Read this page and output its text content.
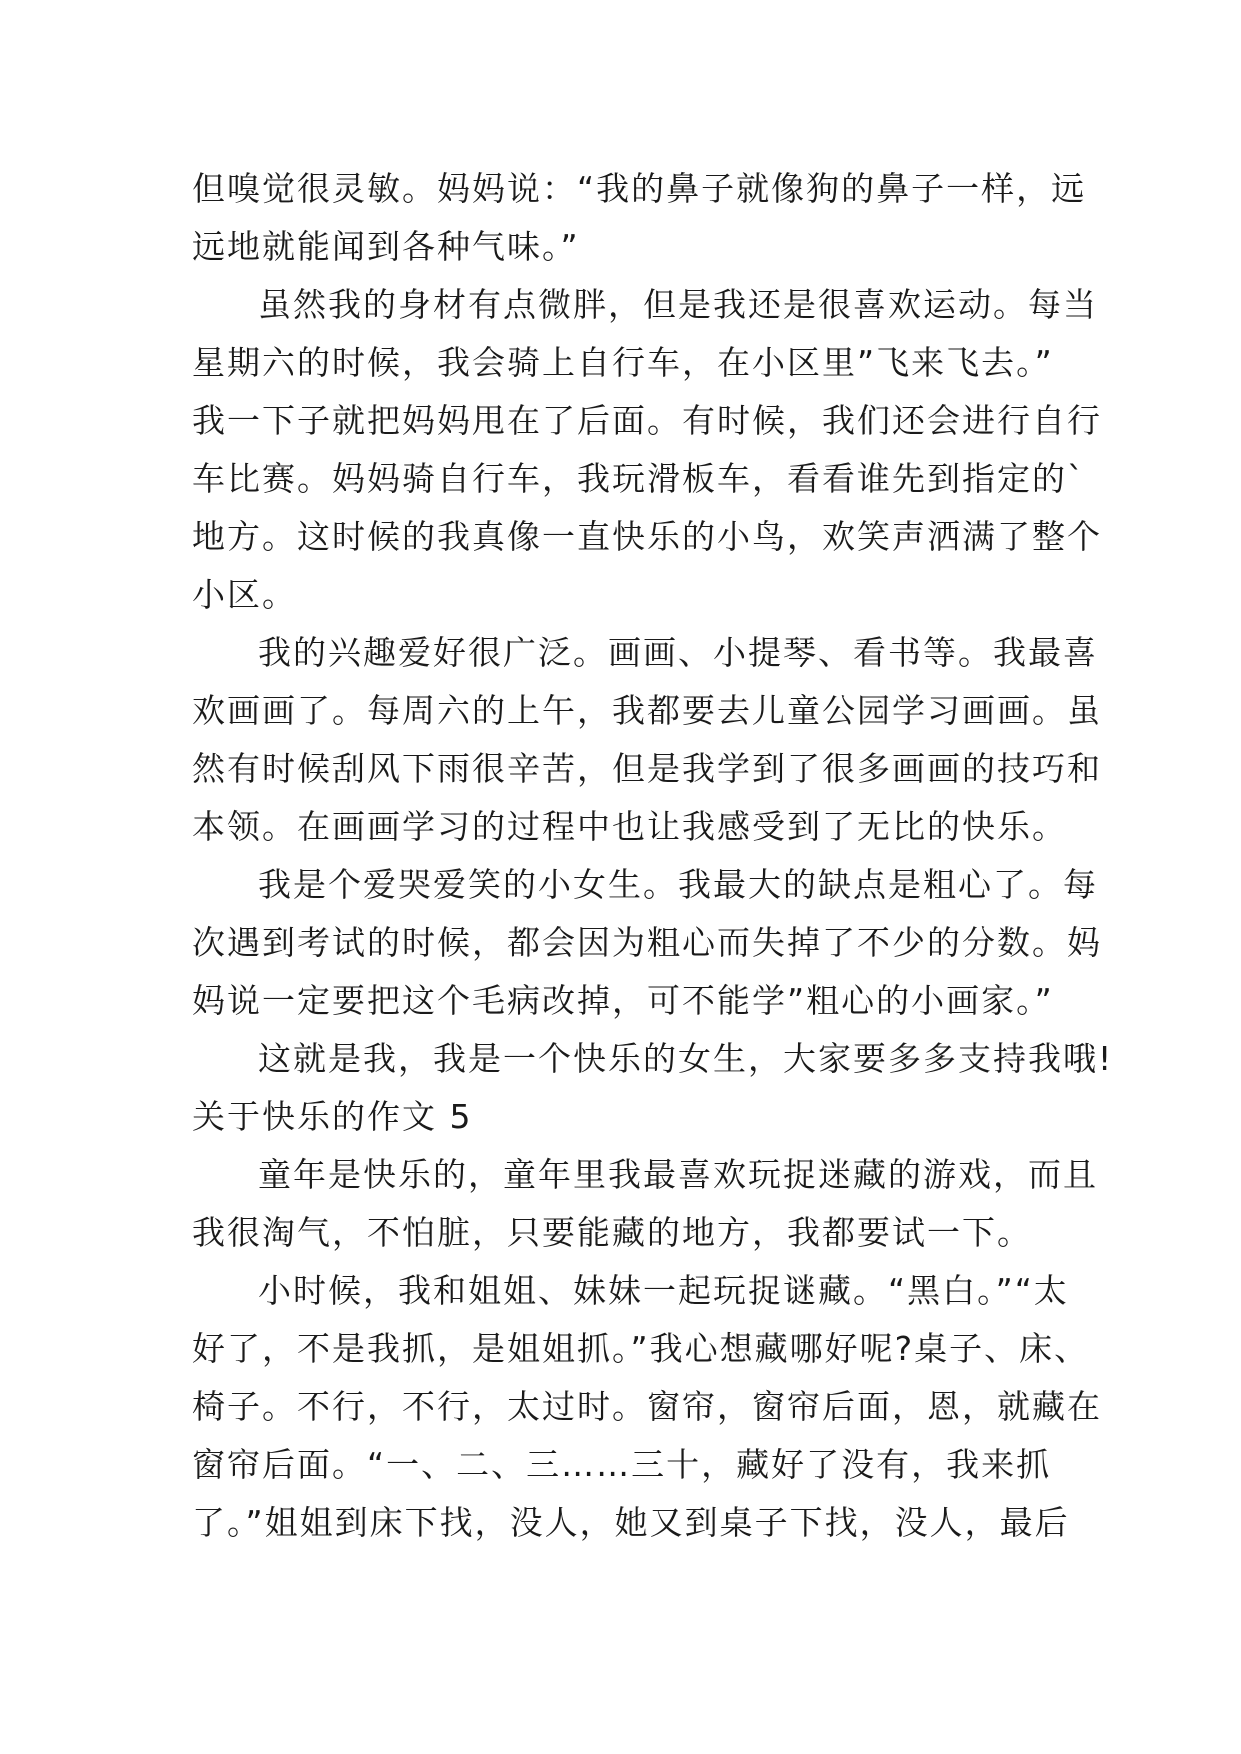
但嗅觉很灵敏。妈妈说：“我的鼻子就像狗的鼻子一样，远
远地就能闻到各种气味。”
虽然我的身材有点微胖，但是我还是很喜欢运动。每当
星期六的时候，我会骑上自行车，在小区里”飞来飞去。”
我一下子就把妈妈甩在了后面。有时候，我们还会进行自行
车比赛。妈妈骑自行车，我玩滑板车，看看谁先到指定的`
地方。这时候的我真像一直快乐的小鸟，欢笑声洒满了整个
小区。
我的兴趣爱好很广泛。画画、小提琴、看书等。我最喜
欢画画了。每周六的上午，我都要去儿童公园学习画画。虽
然有时候刮风下雨很辛苦，但是我学到了很多画画的技巧和
本领。在画画学习的过程中也让我感受到了无比的快乐。
我是个爱哭爱笑的小女生。我最大的缺点是粗心了。每
次遇到考试的时候，都会因为粗心而失掉了不少的分数。妈
妈说一定要把这个毛病改掉，可不能学”粗心的小画家。”
这就是我，我是一个快乐的女生，大家要多多支持我哦!
关于快乐的作文 5
童年是快乐的，童年里我最喜欢玩捉迷藏的游戏，而且
我很淘气，不怕脏，只要能藏的地方，我都要试一下。
小时候，我和姐姐、妹妹一起玩捉谜藏。“黑白。”“太
好了，不是我抓，是姐姐抓。”我心想藏哪好呢?桌子、床、
椅子。不行，不行，太过时。窗帘，窗帘后面，恩，就藏在
窗帘后面。“一、二、三……三十，藏好了没有，我来抓
了。”姐姐到床下找，没人，她又到桌子下找，没人，最后
